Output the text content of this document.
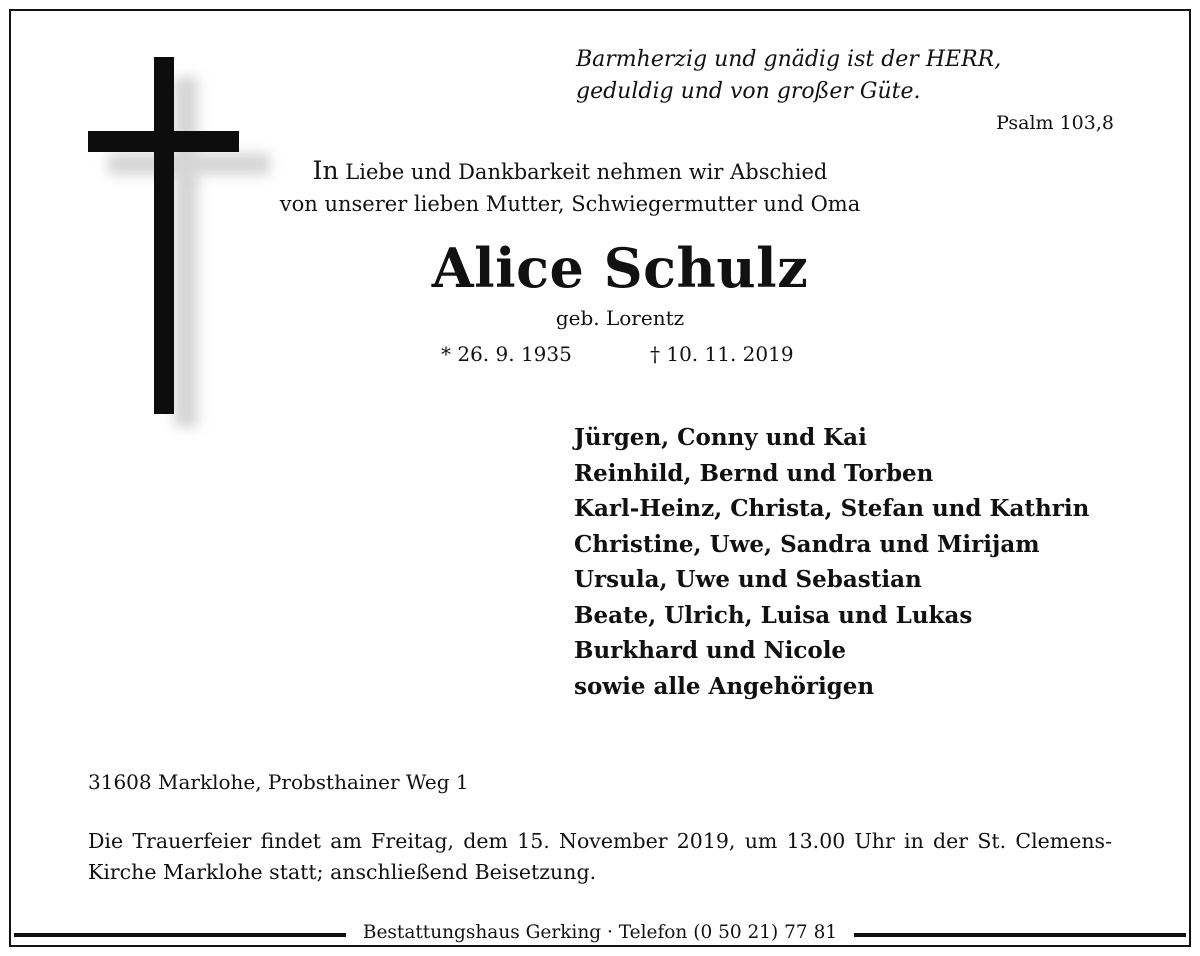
Barmherzig und gnädig ist der HERR,
geduldig und von großer Güte.
Psalm 103,8
In Liebe und Dankbarkeit nehmen wir Abschied
von unserer lieben Mutter, Schwiegermutter und Oma
Alice Schulz
geb. Lorentz
* 26. 9. 1935	† 10. 11. 2019
Jürgen, Conny und Kai
Reinhild, Bernd und Torben
Karl-Heinz, Christa, Stefan und Kathrin
Christine, Uwe, Sandra und Mirijam
Ursula, Uwe und Sebastian
Beate, Ulrich, Luisa und Lukas
Burkhard und Nicole
sowie alle Angehörigen
31608 Marklohe, Probsthainer Weg 1
Die Trauerfeier findet am Freitag, dem 15. November 2019, um 13.00 Uhr in der St. Clemens-Kirche Marklohe statt; anschließend Beisetzung.
Bestattungshaus Gerking · Telefon (0 50 21) 77 81
